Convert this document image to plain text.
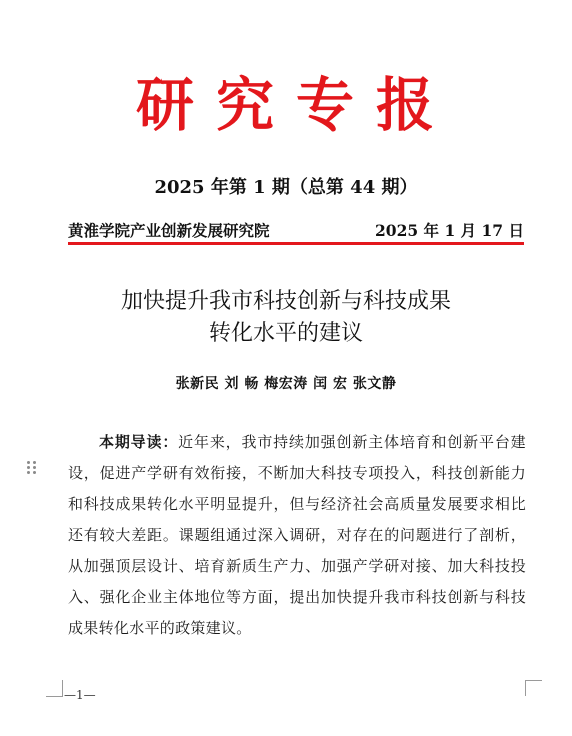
研究专报
2025 年第 1 期（总第 44 期）
黄淮学院产业创新发展研究院	2025 年 1 月 17 日
加快提升我市科技创新与科技成果
转化水平的建议
张新民 刘 畅 梅宏涛 闰 宏 张文静
本期导读：近年来，我市持续加强创新主体培育和创新平台建设，促进产学研有效衔接，不断加大科技专项投入，科技创新能力和科技成果转化水平明显提升，但与经济社会高质量发展要求相比还有较大差距。课题组通过深入调研，对存在的问题进行了剖析，从加强顶层设计、培育新质生产力、加强产学研对接、加大科技投入、强化企业主体地位等方面，提出加快提升我市科技创新与科技成果转化水平的政策建议。
—1—
